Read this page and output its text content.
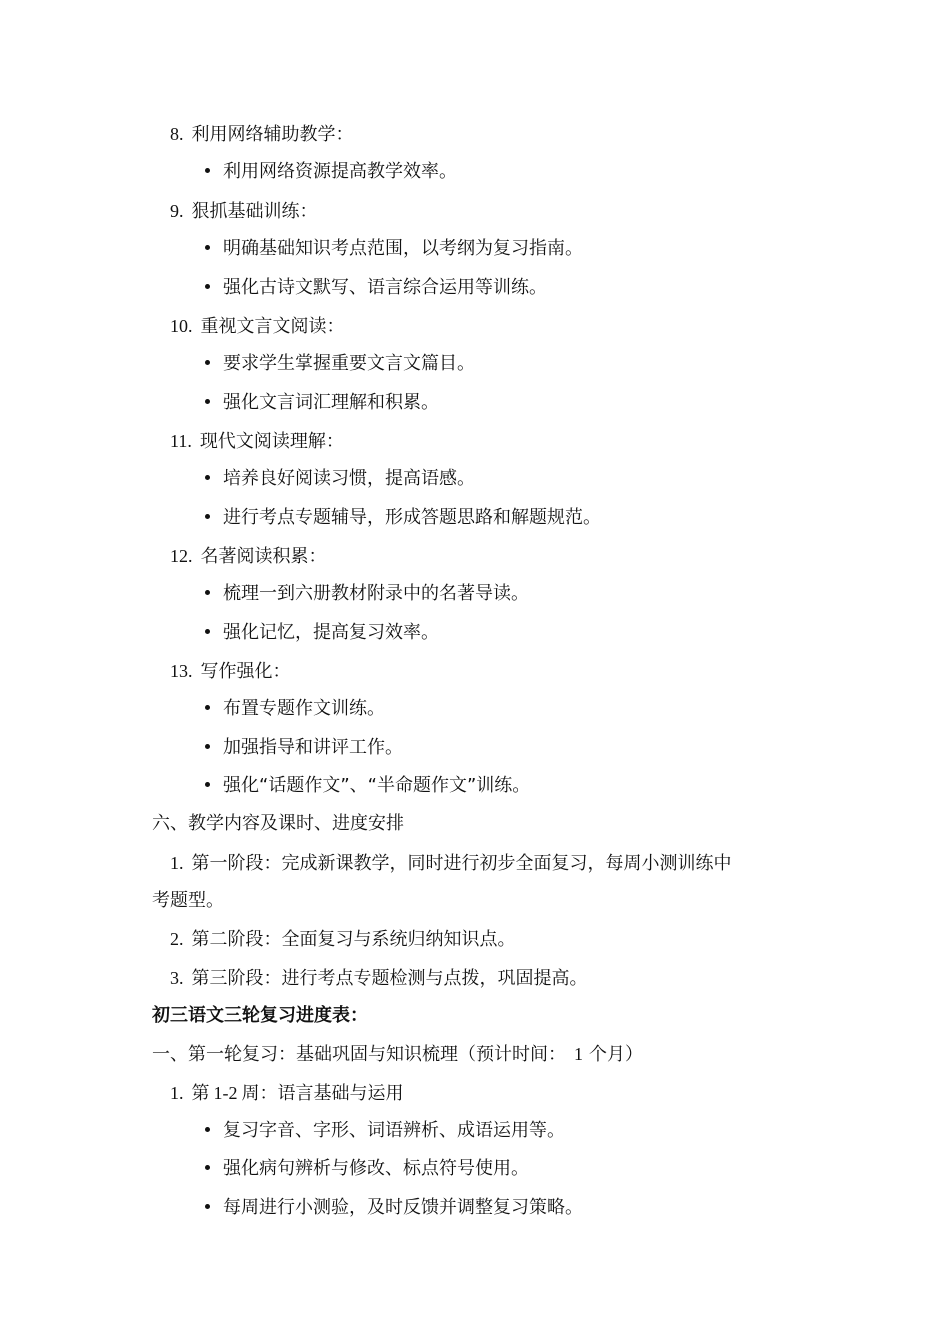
8. 利用网络辅助教学：
利用网络资源提高教学效率。
9. 狠抓基础训练：
明确基础知识考点范围，以考纲为复习指南。
强化古诗文默写、语言综合运用等训练。
10. 重视文言文阅读：
要求学生掌握重要文言文篇目。
强化文言词汇理解和积累。
11. 现代文阅读理解：
培养良好阅读习惯，提高语感。
进行考点专题辅导，形成答题思路和解题规范。
12. 名著阅读积累：
梳理一到六册教材附录中的名著导读。
强化记忆，提高复习效率。
13. 写作强化：
布置专题作文训练。
加强指导和讲评工作。
强化“话题作文”、“半命题作文”训练。
六、教学内容及课时、进度安排
1. 第一阶段：完成新课教学，同时进行初步全面复习，每周小测训练中
考题型。
2. 第二阶段：全面复习与系统归纳知识点。
3. 第三阶段：进行考点专题检测与点拨，巩固提高。
初三语文三轮复习进度表：
一、第一轮复习：基础巩固与知识梳理（预计时间： 1 个月）
1. 第 1-2 周：语言基础与运用
复习字音、字形、词语辨析、成语运用等。
强化病句辨析与修改、标点符号使用。
每周进行小测验，及时反馈并调整复习策略。
